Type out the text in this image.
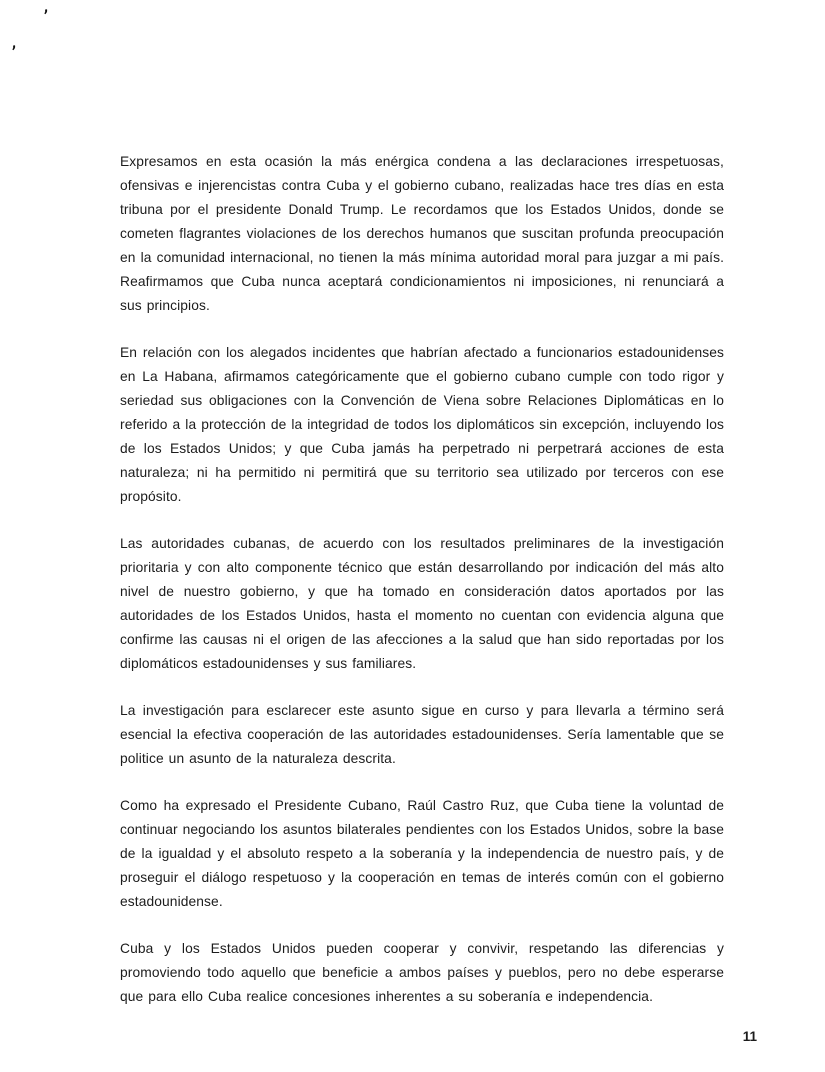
’
’

Expresamos en esta ocasión la más enérgica condena a las declaraciones irrespetuosas, ofensivas e injerencistas contra Cuba y el gobierno cubano, realizadas hace tres días en esta tribuna por el presidente Donald Trump. Le recordamos que los Estados Unidos, donde se cometen flagrantes violaciones de los derechos humanos que suscitan profunda preocupación en la comunidad internacional, no tienen la más mínima autoridad moral para juzgar a mi país. Reafirmamos que Cuba nunca aceptará condicionamientos ni imposiciones, ni renunciará a sus principios.

En relación con los alegados incidentes que habrían afectado a funcionarios estadounidenses en La Habana, afirmamos categóricamente que el gobierno cubano cumple con todo rigor y seriedad sus obligaciones con la Convención de Viena sobre Relaciones Diplomáticas en lo referido a la protección de la integridad de todos los diplomáticos sin excepción, incluyendo los de los Estados Unidos; y que Cuba jamás ha perpetrado ni perpetrará acciones de esta naturaleza; ni ha permitido ni permitirá que su territorio sea utilizado por terceros con ese propósito.

Las autoridades cubanas, de acuerdo con los resultados preliminares de la investigación prioritaria y con alto componente técnico que están desarrollando por indicación del más alto nivel de nuestro gobierno, y que ha tomado en consideración datos aportados por las autoridades de los Estados Unidos, hasta el momento no cuentan con evidencia alguna que confirme las causas ni el origen de las afecciones a la salud que han sido reportadas por los diplomáticos estadounidenses y sus familiares.

La investigación para esclarecer este asunto sigue en curso y para llevarla a término será esencial la efectiva cooperación de las autoridades estadounidenses. Sería lamentable que se politice un asunto de la naturaleza descrita.

Como ha expresado el Presidente Cubano, Raúl Castro Ruz, que Cuba tiene la voluntad de continuar negociando los asuntos bilaterales pendientes con los Estados Unidos, sobre la base de la igualdad y el absoluto respeto a la soberanía y la independencia de nuestro país, y de proseguir el diálogo respetuoso y la cooperación en temas de interés común con el gobierno estadounidense.

Cuba y los Estados Unidos pueden cooperar y convivir, respetando las diferencias y promoviendo todo aquello que beneficie a ambos países y pueblos, pero no debe esperarse que para ello Cuba realice concesiones inherentes a su soberanía e independencia.

11
